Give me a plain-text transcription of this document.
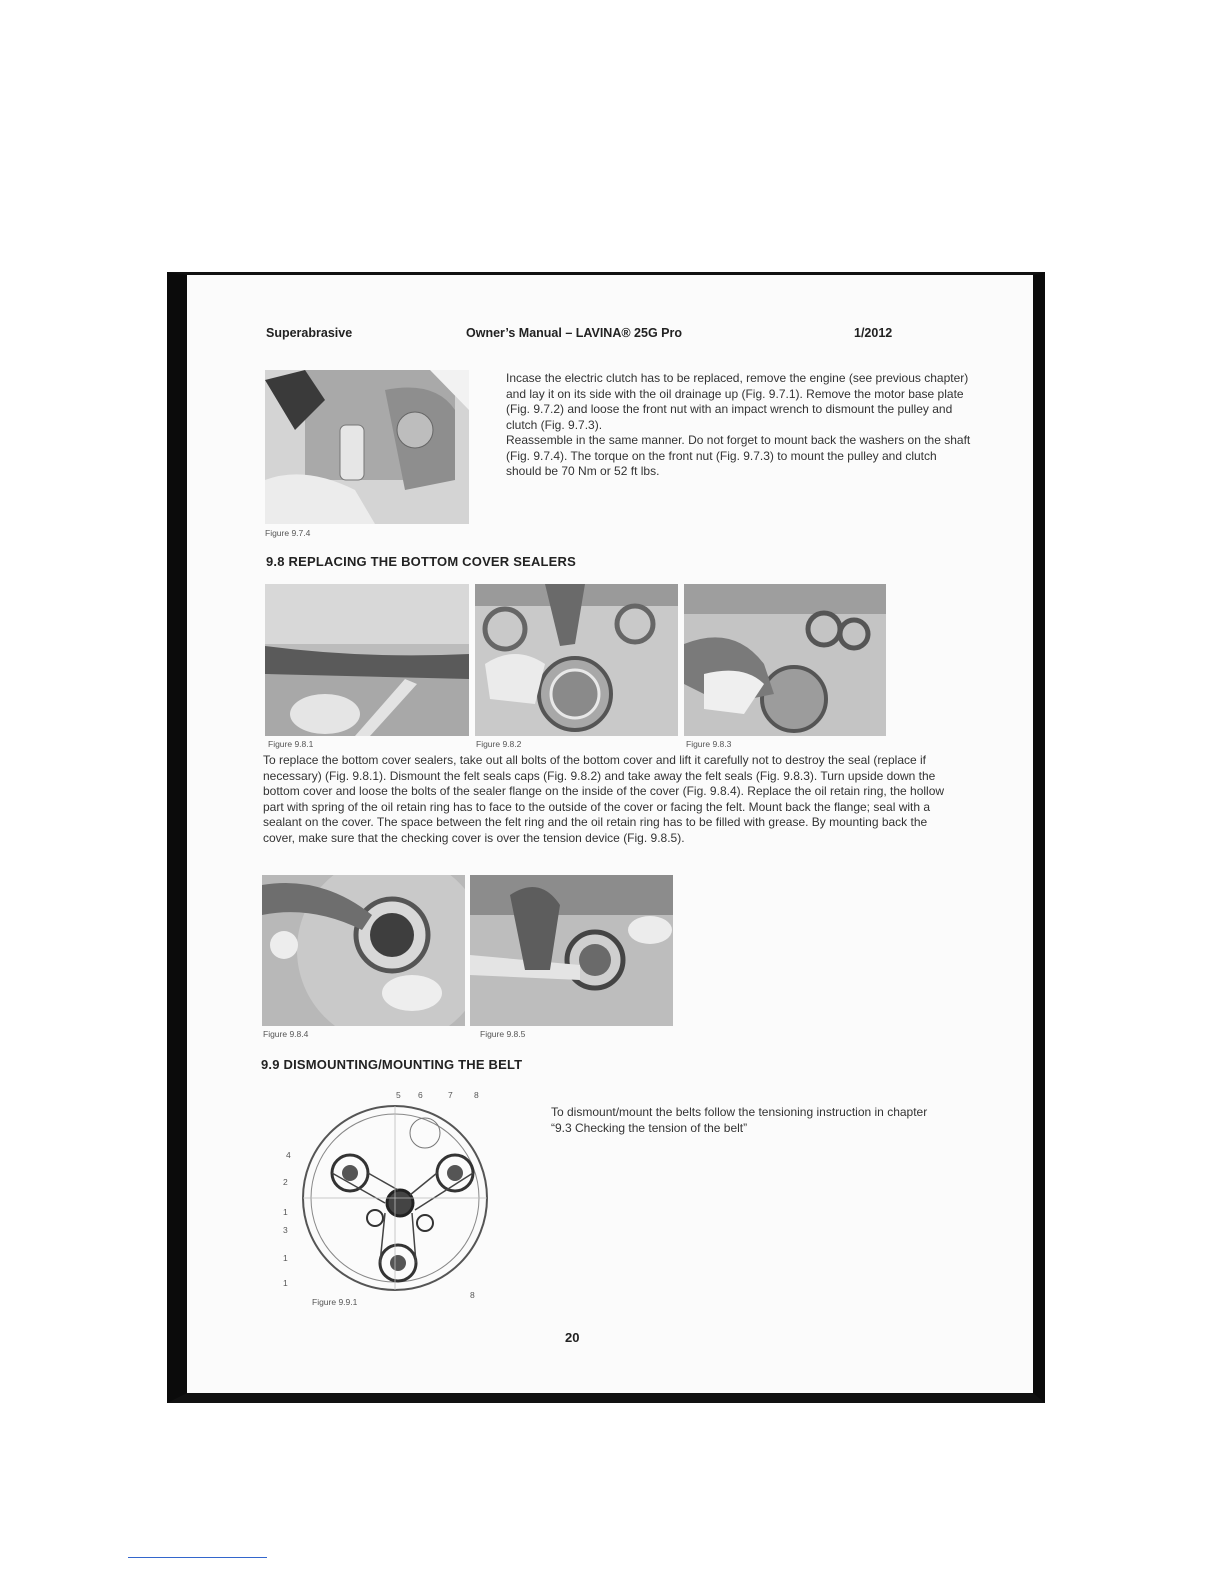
Superabrasive	Owner’s Manual – LAVINA® 25G Pro	1/2012
Figure 9.7.4

Incase the electric clutch has to be replaced, remove the engine (see previous chapter) and lay it on its side with the oil drainage up (Fig. 9.7.1). Remove the motor base plate (Fig. 9.7.2) and loose the front nut with an impact wrench to dismount the pulley and clutch (Fig. 9.7.3).

Reassemble in the same manner. Do not forget to mount back the washers on the shaft (Fig. 9.7.4). The torque on the front nut (Fig. 9.7.3) to mount the pulley and clutch should be 70 Nm or 52 ft lbs.

9.8 REPLACING THE BOTTOM COVER SEALERS
Figure 9.8.1	Figure 9.8.2	Figure 9.8.3

To replace the bottom cover sealers, take out all bolts of the bottom cover and lift it carefully not to destroy the seal (replace if necessary) (Fig. 9.8.1). Dismount the felt seals caps (Fig. 9.8.2) and take away the felt seals (Fig. 9.8.3). Turn upside down the bottom cover and loose the bolts of the sealer flange on the inside of the cover (Fig. 9.8.4). Replace the oil retain ring, the hollow part with spring of the oil retain ring has to face to the outside of the cover or facing the felt. Mount back the flange; seal with a sealant on the cover. The space between the felt ring and the oil retain ring has to be filled with grease. By mounting back the cover, make sure that the checking cover is over the tension device (Fig. 9.8.5).

Figure 9.8.4	Figure 9.8.5
9.9 DISMOUNTING/MOUNTING THE BELT
5 6	7	8
4
2
1
3
1
1
8
Figure 9.9.1

To dismount/mount the belts follow the tensioning instruction in chapter “9.3 Checking the tension of the belt”

20
